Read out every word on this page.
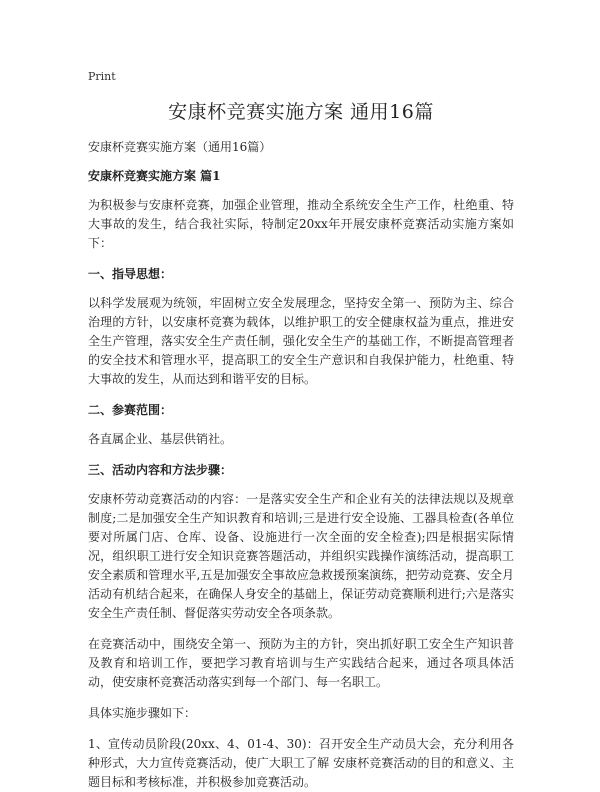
Print
安康杯竞赛实施方案 通用16篇
安康杯竞赛实施方案（通用16篇）
安康杯竞赛实施方案 篇1

为积极参与安康杯竞赛，加强企业管理，推动全系统安全生产工作，杜绝重、特大事故的发生，结合我社实际，特制定20xx年开展安康杯竞赛活动实施方案如下：

一、指导思想：

以科学发展观为统领，牢固树立安全发展理念，坚持安全第一、预防为主、综合治理的方针，以安康杯竞赛为载体，以维护职工的安全健康权益为重点，推进安全生产管理，落实安全生产责任制，强化安全生产的基础工作，不断提高管理者的安全技术和管理水平，提高职工的安全生产意识和自我保护能力，杜绝重、特大事故的发生，从而达到和谐平安的目标。

二、参赛范围：

各直属企业、基层供销社。

三、活动内容和方法步骤：

安康杯劳动竞赛活动的内容：一是落实安全生产和企业有关的法律法规以及规章制度;二是加强安全生产知识教育和培训;三是进行安全设施、工器具检查(各单位要对所属门店、仓库、设备、设施进行一次全面的安全检查);四是根据实际情况，组织职工进行安全知识竞赛答题活动，并组织实践操作演练活动，提高职工安全素质和管理水平,五是加强安全事故应急救援预案演练，把劳动竞赛、安全月活动有机结合起来，在确保人身安全的基础上，保证劳动竞赛顺利进行;六是落实安全生产责任制、督促落实劳动安全各项条款。

在竞赛活动中，围绕安全第一、预防为主的方针，突出抓好职工安全生产知识普及教育和培训工作，要把学习教育培训与生产实践结合起来，通过各项具体活动，使安康杯竞赛活动落实到每一个部门、每一名职工。

具体实施步骤如下：

1、宣传动员阶段(20xx、4、01-4、30)：召开安全生产动员大会，充分利用各种形式，大力宣传竞赛活动，使广大职工了解 安康杯竞赛活动的目的和意义、主题目标和考核标准，并积极参加竞赛活动。
